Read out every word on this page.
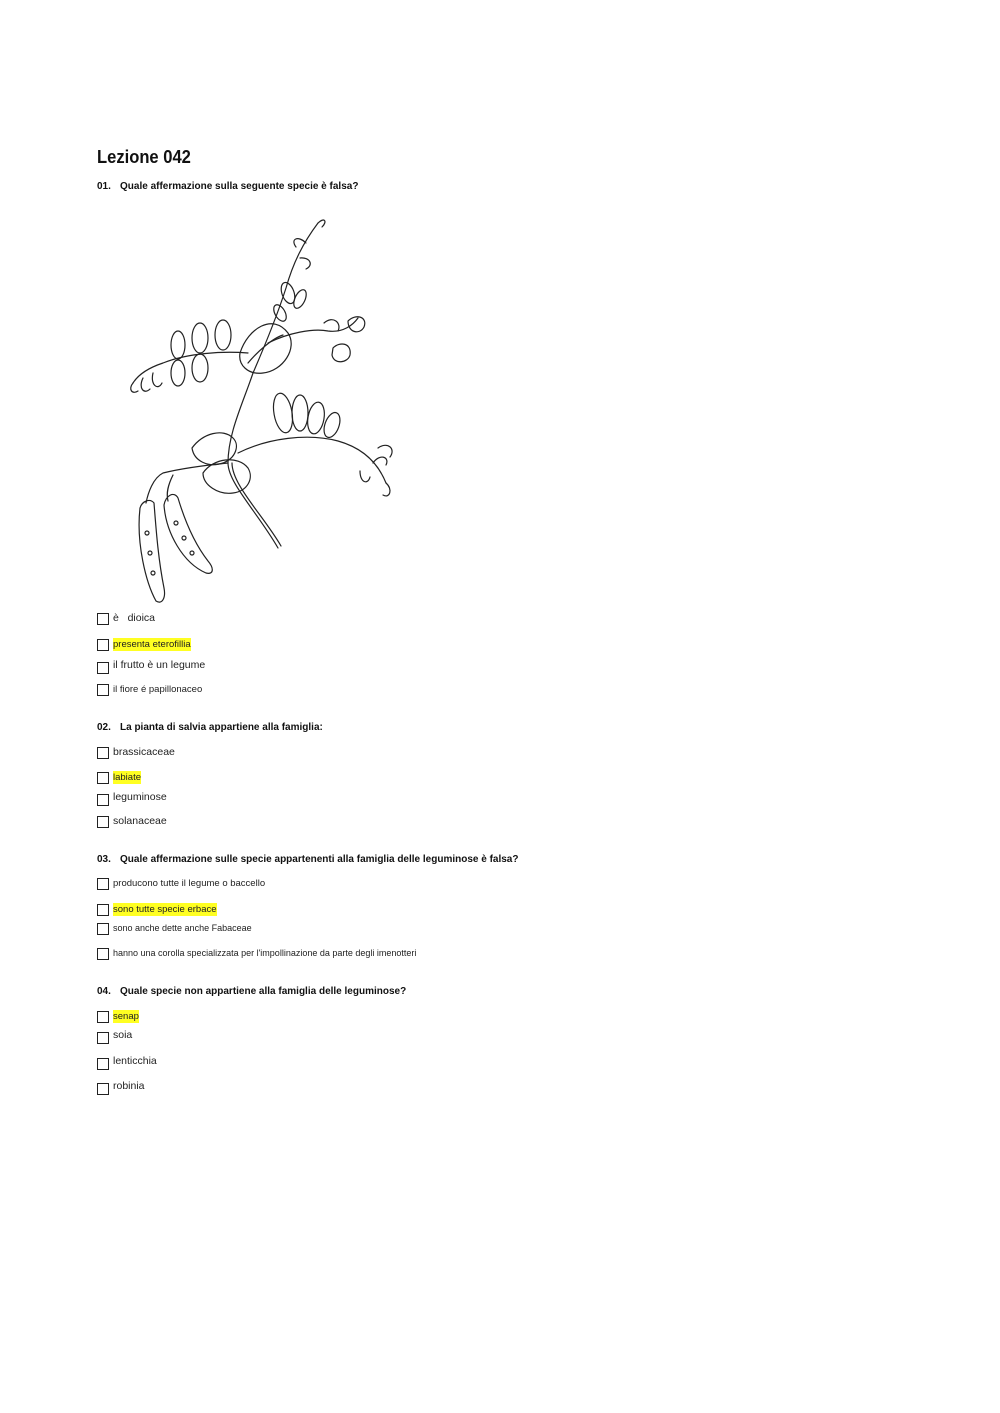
Lezione 042
01. Quale affermazione sulla seguente specie è falsa?
è   dioica
presenta eterofillia
il frutto è un legume
il fiore é papillonaceo
02. La pianta di salvia appartiene alla famiglia:
brassicaceae
labiate
leguminose
solanaceae
03. Quale affermazione sulle specie appartenenti alla famiglia delle leguminose è falsa?
producono tutte il legume o baccello
sono tutte specie erbace
sono anche dette anche Fabaceae
hanno una corolla specializzata per l'impollinazione da parte degli imenotteri
04. Quale specie non appartiene alla famiglia delle leguminose?
senap
soia
lenticchia
robinia
